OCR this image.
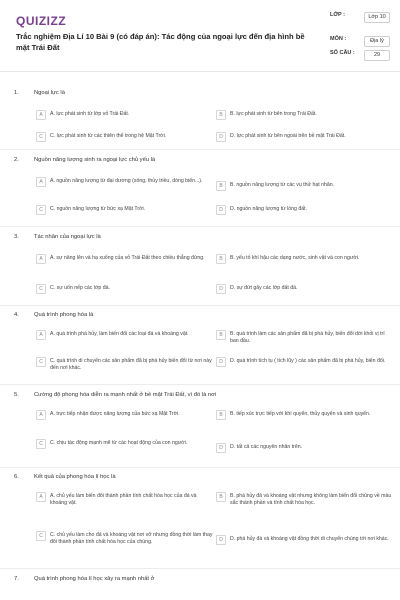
QUIZIZZ
Trắc nghiệm Địa Lí 10 Bài 9 (có đáp án): Tác động của ngoại lực đến địa hình bề mặt Trái Đất
LỚP :	Lớp 10
MÔN :	Địa lý
SỐ CÂU :	29
1.	Ngoại lực là
A	A. lực phát sinh từ lớp vỏ Trái Đất.	B	B. lực phát sinh từ bên trong Trái Đất.
C	C. lực phát sinh từ các thiên thể trong hệ Mặt Trời.	D	D. lực phát sinh từ bên ngoài trên bề mặt Trái Đất.
2.	Nguồn năng lượng sinh ra ngoại lực chủ yếu là
A	A. nguồn năng lượng từ đại dương (sóng, thủy triều, dòng biển...).
B	B. nguồn năng lượng từ các vụ thử hạt nhân.
C	C. nguồn năng lượng từ bức xạ Mặt Trời.	D	D. nguồn năng lượng từ lòng đất.
3.	Tác nhân của ngoại lực là
A	A. sự nâng lên và hạ xuống của vỏ Trái Đất theo chiều thẳng đứng.	B	B. yếu tố khí hậu các dạng nước, sinh vật và con người.
C	C. sự uốn nếp các lớp đá.	D	D. sự đứt gãy các lớp đất đá.
4.	Quá trình phong hóa là
A	A. quá trình phá hủy, làm biến đổi các loại đá và khoáng vật.	B	B. quá trình làm các sản phẩm đã bị phá hủy, biến đổi dời khỏi vị trí ban đầu.
C	C. quá trình di chuyển các sản phẩm đã bị phá hủy biến đổi từ nơi này đến nơi khác.
D	D. quá trình tích tụ ( tích lũy ) các sản phẩm đã bị phá hủy, biến đổi.
5.	Cường độ phong hóa diễn ra mạnh nhất ở bề mặt Trái Đất, vì đó là nơi
A	A. trực tiếp nhận được năng lượng của bức xạ Mặt Trời.	B	B. tiếp xúc trực tiếp với khí quyển, thủy quyển và sinh quyển.
C	C. chịu tác động mạnh mẽ từ các hoạt động của con người.
D	D. tất cả các nguyên nhân trên.
6.	Kết quả của phong hóa lí học là
A	A. chủ yếu làm biến đổi thành phần tính chất hóa học của đá và khoáng vật.
B	B. phá hủy đá và khoáng vật nhưng không làm biến đổi chúng về màu sắc thành phần và tính chất hóa học.
C	C. chủ yếu làm cho đá và khoáng vật nơi vỡ nhưng đồng thời làm thay đổi thành phần tính chất hóa học của chúng.	D	D. phá hủy đá và khoáng vật đồng thời di chuyển chúng tới nơi khác.
7.	Quá trình phong hóa lí học xảy ra mạnh nhất ở
